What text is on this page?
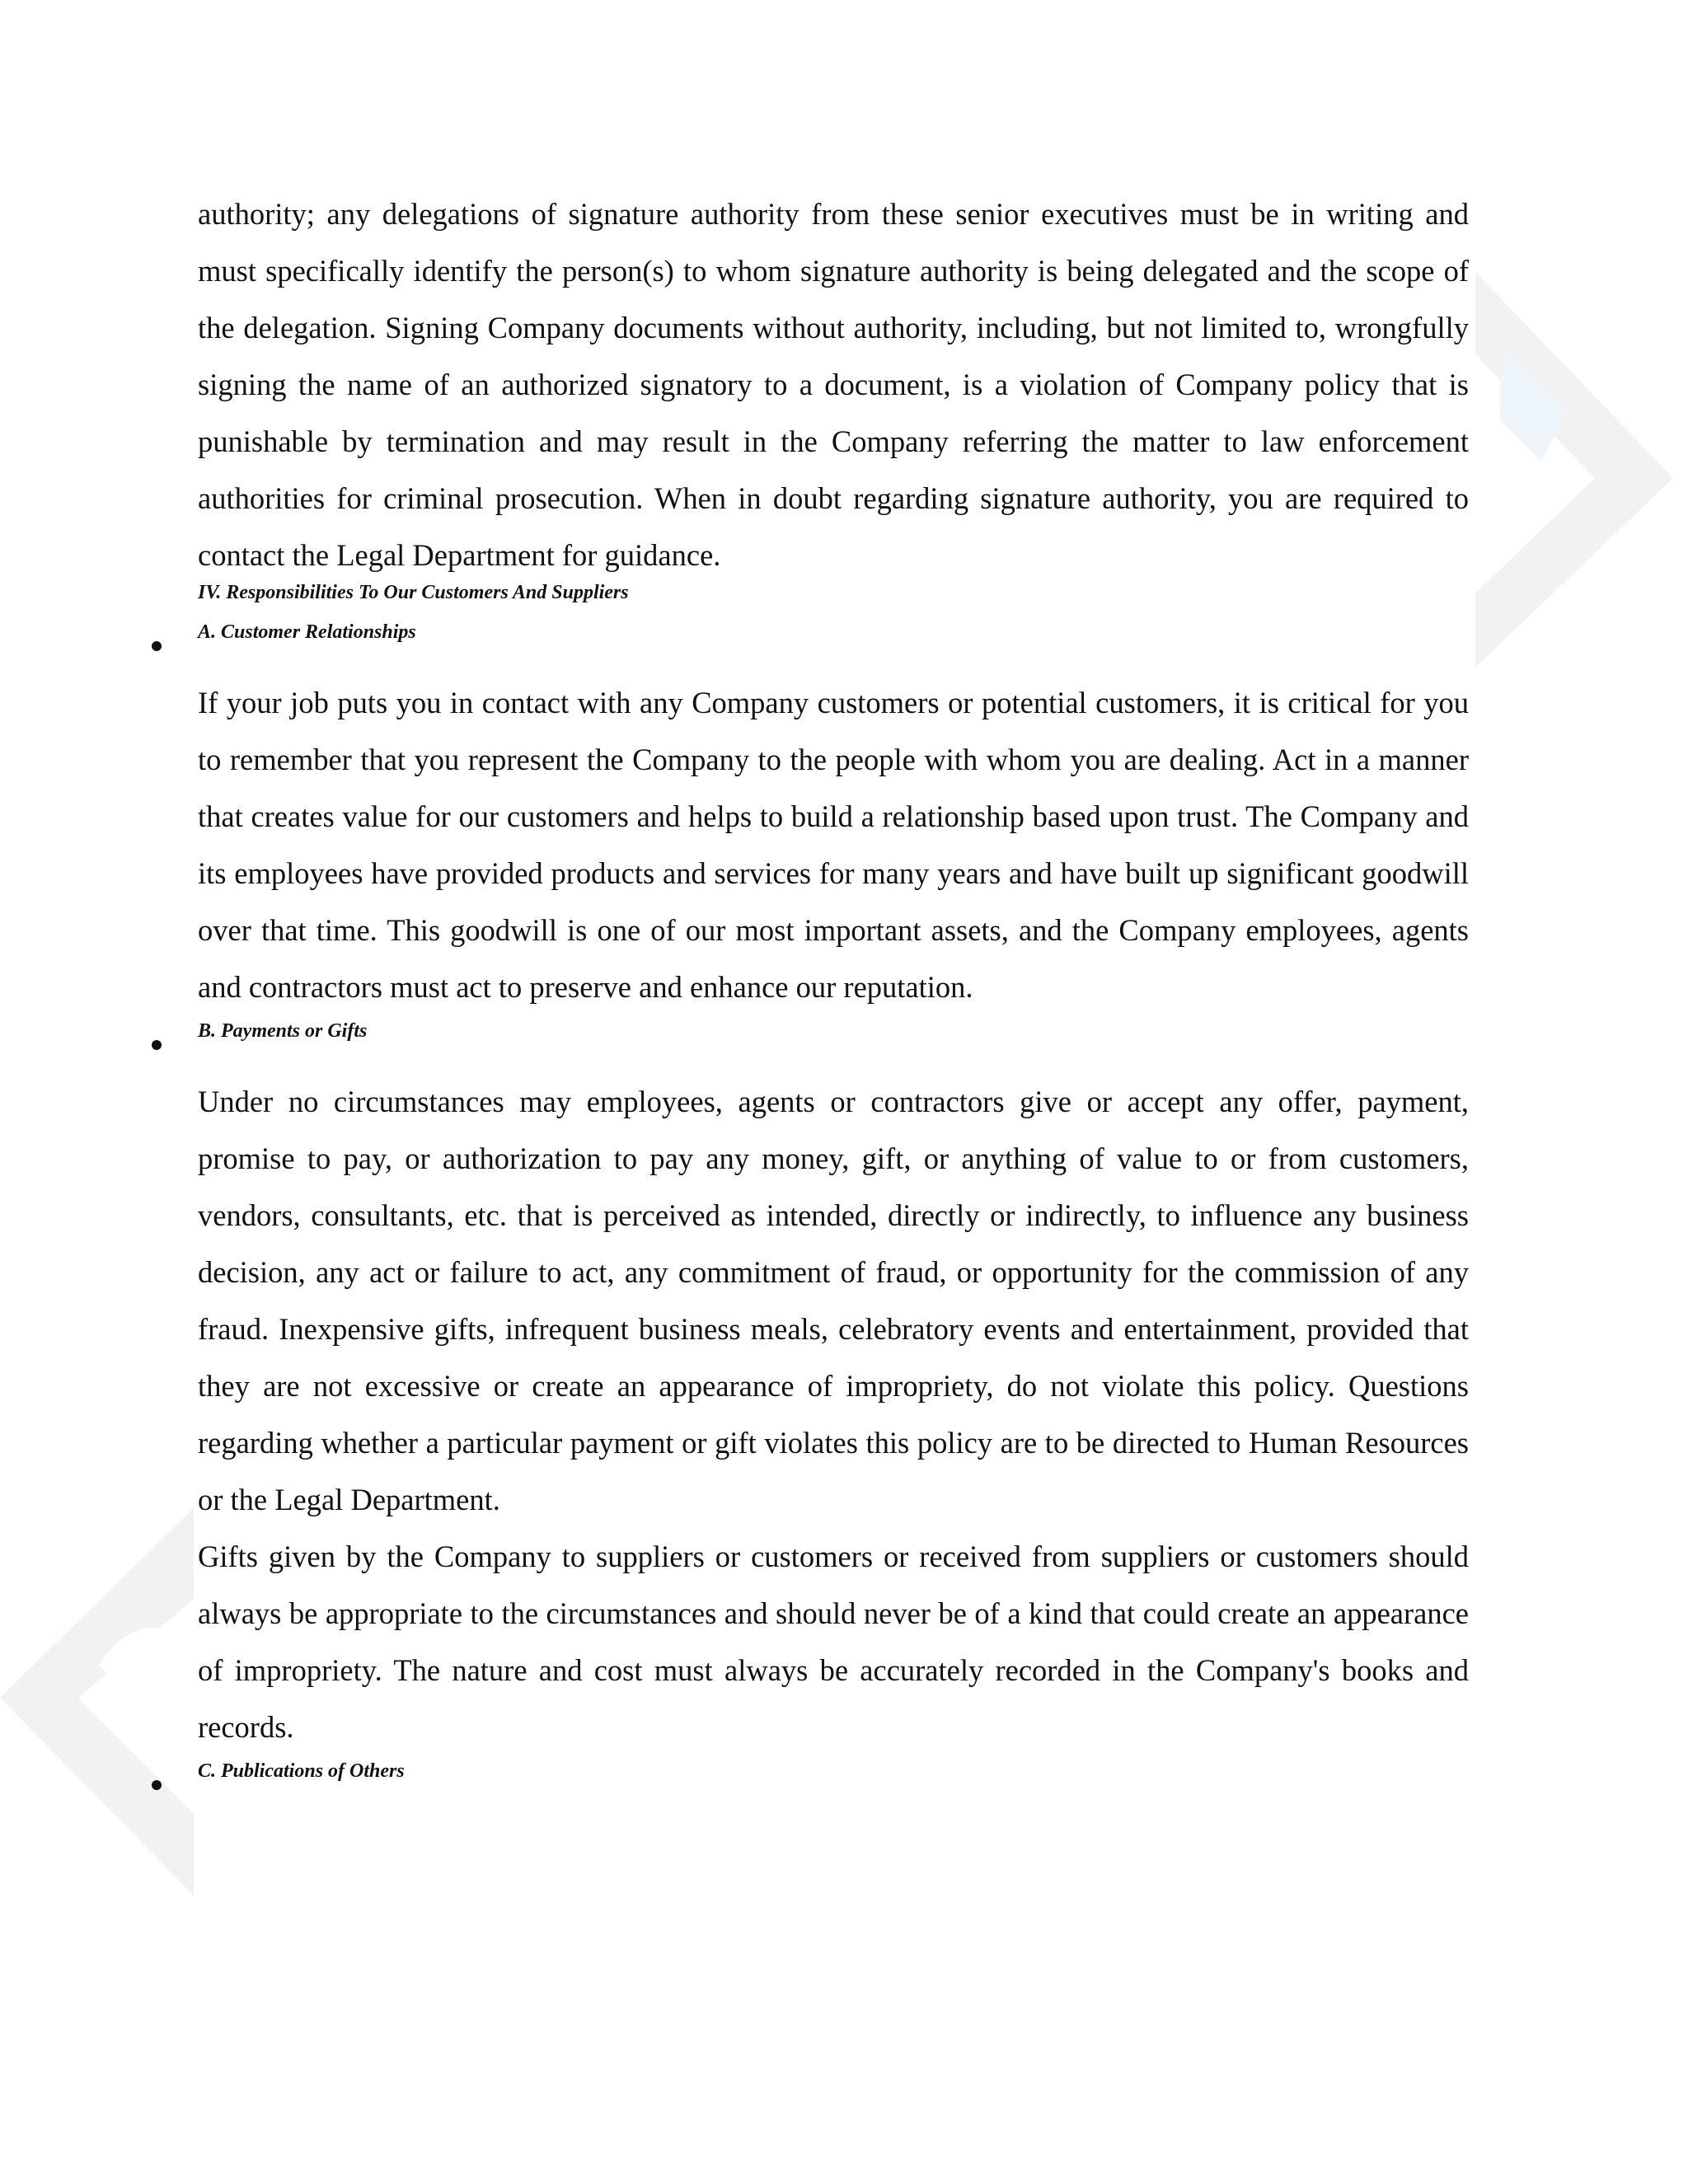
authority; any delegations of signature authority from these senior executives must be in writing and must specifically identify the person(s) to whom signature authority is being delegated and the scope of the delegation. Signing Company documents without authority, including, but not limited to, wrongfully signing the name of an authorized signatory to a document, is a violation of Company policy that is punishable by termination and may result in the Company referring the matter to law enforcement authorities for criminal prosecution. When in doubt regarding signature authority, you are required to contact the Legal Department for guidance.

IV. Responsibilities To Our Customers And Suppliers

A. Customer Relationships

If your job puts you in contact with any Company customers or potential customers, it is critical for you to remember that you represent the Company to the people with whom you are dealing. Act in a manner that creates value for our customers and helps to build a relationship based upon trust. The Company and its employees have provided products and services for many years and have built up significant goodwill over that time. This goodwill is one of our most important assets, and the Company employees, agents and contractors must act to preserve and enhance our reputation.

B. Payments or Gifts

Under no circumstances may employees, agents or contractors give or accept any offer, payment, promise to pay, or authorization to pay any money, gift, or anything of value to or from customers, vendors, consultants, etc. that is perceived as intended, directly or indirectly, to influence any business decision, any act or failure to act, any commitment of fraud, or opportunity for the commission of any fraud. Inexpensive gifts, infrequent business meals, celebratory events and entertainment, provided that they are not excessive or create an appearance of impropriety, do not violate this policy. Questions regarding whether a particular payment or gift violates this policy are to be directed to Human Resources or the Legal Department.

Gifts given by the Company to suppliers or customers or received from suppliers or customers should always be appropriate to the circumstances and should never be of a kind that could create an appearance of impropriety. The nature and cost must always be accurately recorded in the Company's books and records.

C. Publications of Others
